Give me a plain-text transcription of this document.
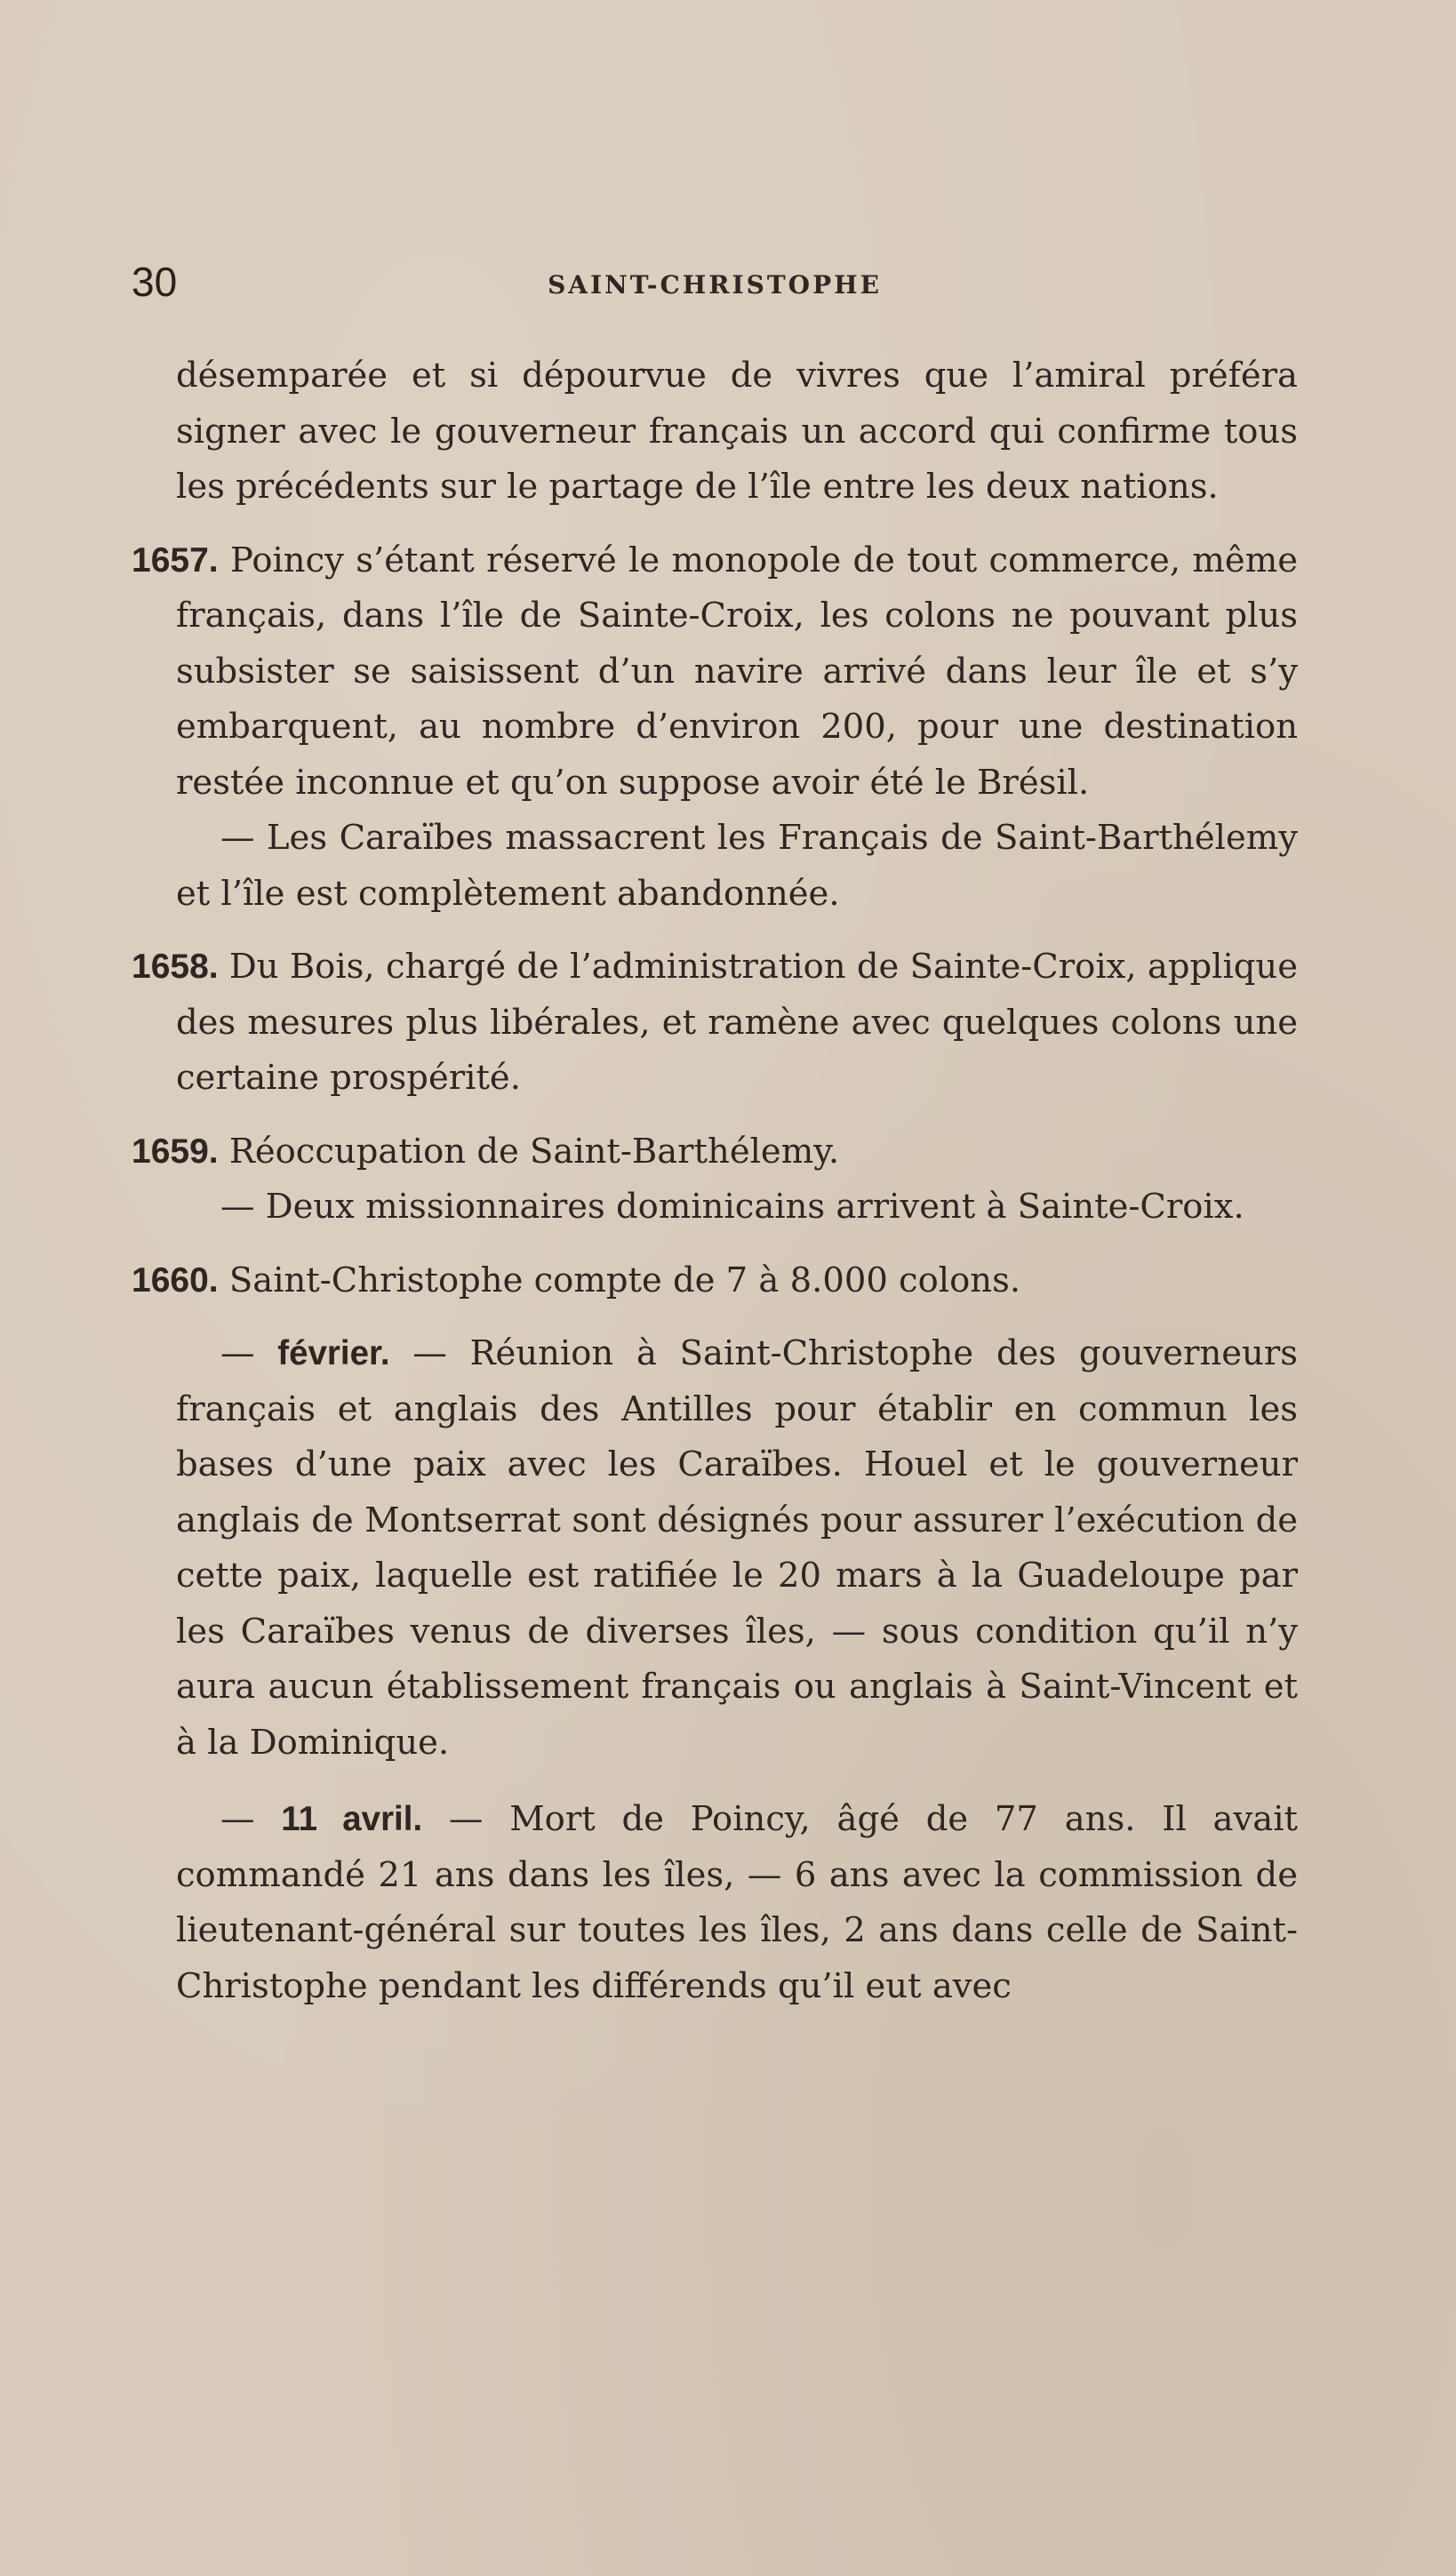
30	SAINT-CHRISTOPHE

désemparée et si dépourvue de vivres que l’amiral préféra signer avec le gouverneur français un accord qui confirme tous les précédents sur le partage de l’île entre les deux nations.

1657. Poincy s’étant réservé le monopole de tout commerce, même français, dans l’île de Sainte-Croix, les colons ne pouvant plus subsister se saisissent d’un navire arrivé dans leur île et s’y embarquent, au nombre d’environ 200, pour une destination restée inconnue et qu’on suppose avoir été le Brésil.

— Les Caraïbes massacrent les Français de Saint-Barthélemy et l’île est complètement abandonnée.

1658. Du Bois, chargé de l’administration de Sainte-Croix, applique des mesures plus libérales, et ramène avec quelques colons une certaine prospérité.

1659. Réoccupation de Saint-Barthélemy.

— Deux missionnaires dominicains arrivent à Sainte-Croix.

1660. Saint-Christophe compte de 7 à 8.000 colons.

— février. — Réunion à Saint-Christophe des gouverneurs français et anglais des Antilles pour établir en commun les bases d’une paix avec les Caraïbes. Houel et le gouverneur anglais de Montserrat sont désignés pour assurer l’exécution de cette paix, laquelle est ratifiée le 20 mars à la Guadeloupe par les Caraïbes venus de diverses îles, — sous condition qu’il n’y aura aucun établissement français ou anglais à Saint-Vincent et à la Dominique.

— 11 avril. — Mort de Poincy, âgé de 77 ans. Il avait commandé 21 ans dans les îles, — 6 ans avec la commission de lieutenant-général sur toutes les îles, 2 ans dans celle de Saint-Christophe pendant les différends qu’il eut avec
